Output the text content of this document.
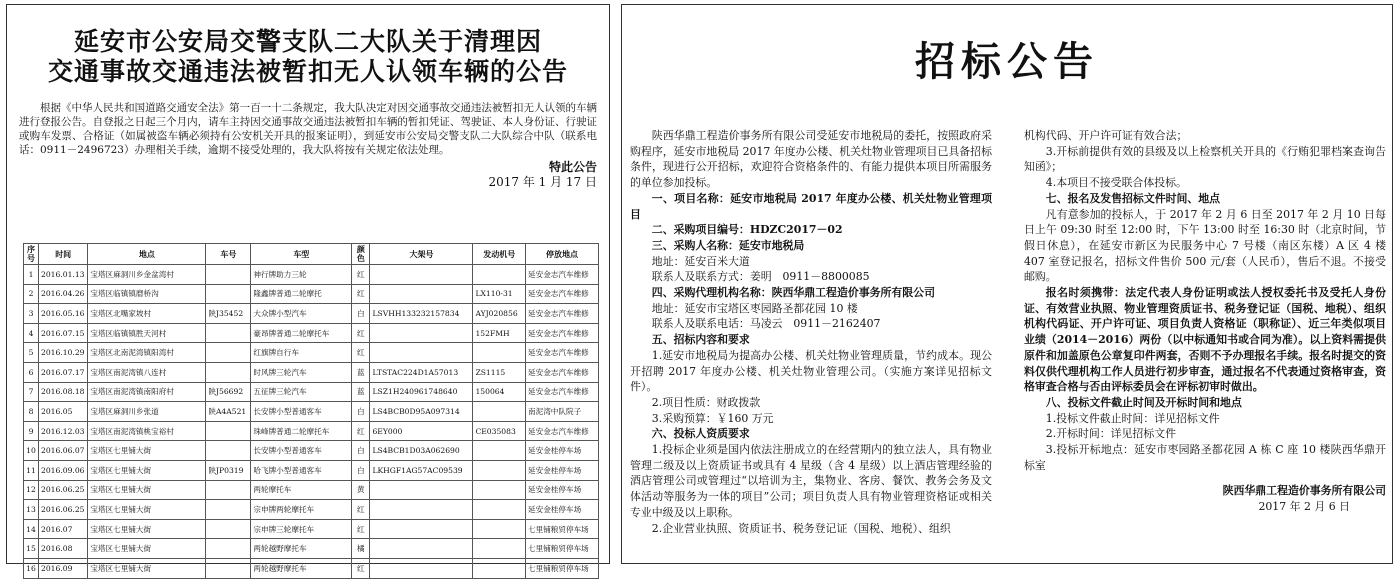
延安市公安局交警支队二大队关于清理因
交通事故交通违法被暂扣无人认领车辆的公告
根据《中华人民共和国道路交通安全法》第一百一十二条规定，我大队决定对因交通事故交通违法被暂扣无人认领的车辆进行登报公告。自登报之日起三个月内，请车主持因交通事故交通违法被暂扣车辆的暂扣凭证、驾驶证、本人身份证、行驶证或购车发票、合格证（如属被盗车辆必须持有公安机关开具的报案证明），到延安市公安局交警支队二大队综合中队（联系电话：0911－2496723）办理相关手续，逾期不接受处理的，我大队将按有关规定依法处理。
特此公告
2017 年 1 月 17 日
序号	时间	地点	车号	车型	颜色	大架号	发动机号	停放地点
1	2016.01.13	宝塔区麻洞川乡金盆湾村		神行牌助力三轮	红			延安金志汽车维修
2	2016.04.26	宝塔区临镇镇磨桥沟		隆鑫牌普通二轮摩托	红		LX110-31	延安金志汽车维修
3	2016.05.16	宝塔区北嘴家坡村	陕J35452	大众牌小型汽车	白	LSVHH133232157834	AYJ020856	延安金志汽车维修
4	2016.07.15	宝塔区临镇镇胜天河村		豪昂牌普通二轮摩托车	红		152FMH	延安金志汽车维修
5	2016.10.29	宝塔区北南泥湾镇阳湾村		红旗牌自行车	红			延安金志汽车维修
6	2016.07.17	宝塔区南泥湾镇八连村		时风牌三轮汽车	蓝	LTSTAC224D1A57013	ZS1115	延安金志汽车维修
7	2016.08.18	宝塔区南泥湾镇南阳府村	陕J56692	五征牌三轮汽车	蓝	LSZ1H240961748640	150064	延安金志汽车维修
8	2016.05	宝塔区麻洞川乡张道	陕A4A521	长安牌小型普通客车	白	LS4BCB0D95A097314		南泥湾中队院子
9	2016.12.03	宝塔区南泥湾镇桃宝裕村		珠峰牌普通二轮摩托车	红	6EY000	CE035083	延安金志汽车维修
10	2016.06.07	宝塔区七里铺大街		长安牌小型普通客车	白	LS4BCB1D03A062690		延安金桂停车场
11	2016.09.06	宝塔区七里铺大街	陕JP0319	哈飞牌小型普通客车	白	LKHGF1AG57AC09539		延安金桂停车场
12	2016.06.25	宝塔区七里铺大街		两轮摩托车	黄			延安金桂停车场
13	2016.06.25	宝塔区七里铺大街		宗申牌两轮摩托车	红			延安金桂停车场
14	2016.07	宝塔区七里铺大街		宗申牌三轮摩托车	红			七里铺粮贸停车场
15	2016.08	宝塔区七里铺大街		两轮越野摩托车	橘			七里铺粮贸停车场
16	2016.09	宝塔区七里铺大街		两轮越野摩托车	红			七里铺粮贸停车场
招标公告

陕西华鼎工程造价事务所有限公司受延安市地税局的委托，按照政府采购程序，延安市地税局 2017 年度办公楼、机关灶物业管理项目已具备招标条件，现进行公开招标，欢迎符合资格条件的、有能力提供本项目所需服务的单位参加投标。

一、项目名称：延安市地税局 2017 年度办公楼、机关灶物业管理项目

二、采购项目编号：HDZC2017－02

三、采购人名称：延安市地税局

地址：延安百米大道

联系人及联系方式：姜明　0911－8800085

四、采购代理机构名称：陕西华鼎工程造价事务所有限公司

地址：延安市宝塔区枣园路圣都花园 10 楼

联系人及联系电话：马凌云　0911－2162407

五、招标内容和要求

1.延安市地税局为提高办公楼、机关灶物业管理质量，节约成本。现公开招聘 2017 年度办公楼、机关灶物业管理公司。（实施方案详见招标文件）。

2.项目性质：财政拨款

3.采购预算：￥160 万元

六、投标人资质要求

1.投标企业须是国内依法注册成立的在经营期内的独立法人，具有物业管理二级及以上资质证书或具有 4 星级（含 4 星级）以上酒店管理经验的酒店管理公司或管理过“以培训为主，集物业、客房、餐饮、教务会务及文体活动等服务为一体的项目”公司；项目负责人具有物业管理资格证或相关专业中级及以上职称。

2.企业营业执照、资质证书、税务登记证（国税、地税）、组织

机构代码、开户许可证有效合法；

3.开标前提供有效的县级及以上检察机关开具的《行贿犯罪档案查询告知函》；

4.本项目不接受联合体投标。

七、报名及发售招标文件时间、地点

凡有意参加的投标人，于 2017 年 2 月 6 日至 2017 年 2 月 10 日每日上午 09:30 时至 12:00 时，下午 13:00 时至 16:30 时（北京时间，节假日休息），在延安市新区为民服务中心 7 号楼（南区东楼）A 区 4 楼 407 室登记报名，招标文件售价 500 元/套（人民币），售后不退。不接受邮购。

报名时须携带：法定代表人身份证明或法人授权委托书及受托人身份证、有效营业执照、物业管理资质证书、税务登记证（国税、地税）、组织机构代码证、开户许可证、项目负责人资格证（职称证）、近三年类似项目业绩（2014－2016）两份（以中标通知书或合同为准）。以上资料需提供原件和加盖原色公章复印件两套，否则不予办理报名手续。报名时提交的资料仅供代理机构工作人员进行初步审查，通过报名不代表通过资格审查，资格审查合格与否由评标委员会在评标初审时做出。

八、投标文件截止时间及开标时间和地点

1.投标文件截止时间：详见招标文件

2.开标时间：详见招标文件

3.投标开标地点：延安市枣园路圣都花园 A 栋 C 座 10 楼陕西华鼎开标室

陕西华鼎工程造价事务所有限公司
2017 年 2 月 6 日
